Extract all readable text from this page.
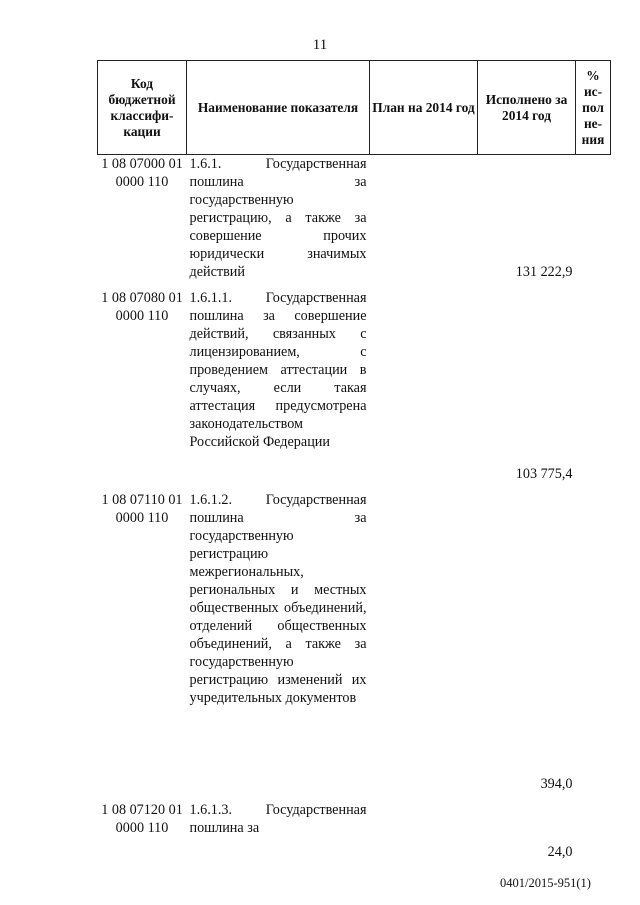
11
Код бюджетной классифи-кации	Наименование показателя	План на 2014 год	Исполнено за 2014 год	% ис-пол не-ния
1 08 07000 01 0000 110	1.6.1. Государственная пошлина за государственную регистрацию, а также за совершение прочих юридически значимых действий		131 222,9	

1 08 07080 01 0000 110	1.6.1.1. Государственная пошлина за совершение действий, связанных с лицензированием, с проведением аттестации в случаях, если такая аттестация предусмотрена законодательством Российской Федерации		103 775,4	

1 08 07110 01 0000 110	1.6.1.2. Государственная пошлина за государственную регистрацию межрегиональных, региональных и местных общественных объединений, отделений общественных объединений, а также за государственную регистрацию изменений их учредительных документов		394,0	

1 08 07120 01 0000 110	1.6.1.3. Государственная пошлина за		24,0	
0401/2015-951(1)
